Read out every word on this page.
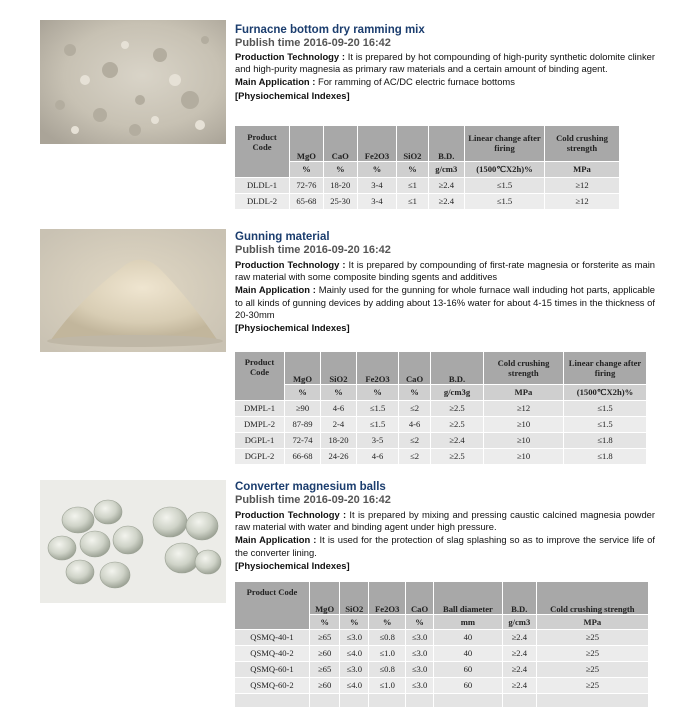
Furnacne bottom dry ramming mix
Publish time 2016-09-20 16:42
Production Technology : It is prepared by hot compounding of high-purity synthetic dolomite clinker and high-purity magnesia as primary raw materials and a certain amount of binding agent.
Main Application : For ramming of AC/DC electric furnace bottoms
[Physiochemical Indexes]
Product Code	MgO	CaO	Fe2O3	SiO2	B.D.	Linear change after firing	Cold crushing strength
	%	%	%	%	g/cm3	(1500℃X2h)%	MPa
DLDL-1	72-76	18-20	3-4	≤1	≥2.4	≤1.5	≥12
DLDL-2	65-68	25-30	3-4	≤1	≥2.4	≤1.5	≥12
Gunning material
Publish time 2016-09-20 16:42
Production Technology : It is prepared by compounding of first-rate magnesia or forsterite as main raw material with some composite binding sgents and additives
Main Application : Mainly used for the gunning for whole furnace wall induding hot parts, applicable to all kinds of gunning devices by adding about 13-16% water for about 4-15 times in the thickness of 20-30mm
[Physiochemical Indexes]
Product Code	MgO	SiO2	Fe2O3	CaO	B.D.	Cold crushing strength	Linear change after firing
	%	%	%	%	g/cm3g	MPa	(1500℃X2h)%
DMPL-1	≥90	4-6	≤1.5	≤2	≥2.5	≥12	≤1.5
DMPL-2	87-89	2-4	≤1.5	4-6	≥2.5	≥10	≤1.5
DGPL-1	72-74	18-20	3-5	≤2	≥2.4	≥10	≤1.8
DGPL-2	66-68	24-26	4-6	≤2	≥2.5	≥10	≤1.8
Converter magnesium balls
Publish time 2016-09-20 16:42
Production Technology : It is prepared by mixing and pressing caustic calcined magnesia powder raw material with water and binding agent under high pressure.
Main Application : It is used for the protection of slag splashing so as to improve the service life of the converter lining.
[Physiochemical Indexes]
Product Code	MgO	SiO2	Fe2O3	CaO	Ball diameter	B.D.	Cold crushing strength
	%	%	%	%	mm	g/cm3	MPa
QSMQ-40-1	≥65	≤3.0	≤0.8	≤3.0	40	≥2.4	≥25
QSMQ-40-2	≥60	≤4.0	≤1.0	≤3.0	40	≥2.4	≥25
QSMQ-60-1	≥65	≤3.0	≤0.8	≤3.0	60	≥2.4	≥25
QSMQ-60-2	≥60	≤4.0	≤1.0	≤3.0	60	≥2.4	≥25
